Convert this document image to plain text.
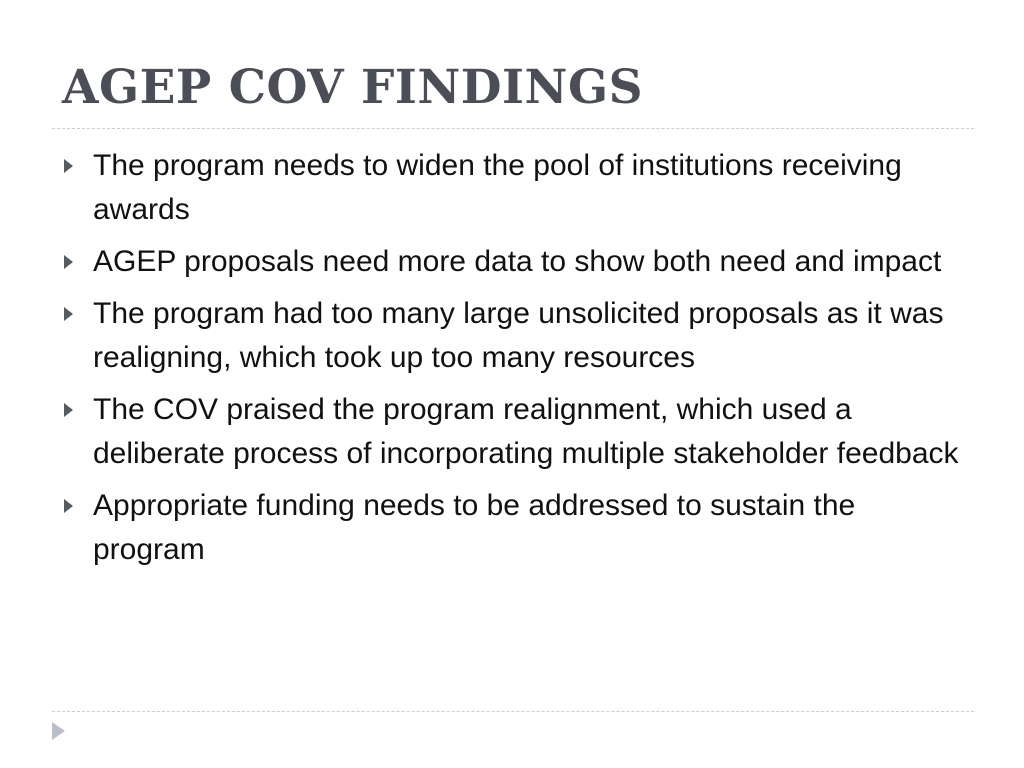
AGEP COV FINDINGS
The program needs to widen the pool of institutions receiving awards
AGEP proposals need more data to show both need and impact
The program had too many large unsolicited proposals as it was realigning, which took up too many resources
The COV praised the program realignment, which used a deliberate process of incorporating multiple stakeholder feedback
Appropriate funding needs to be addressed to sustain the program
